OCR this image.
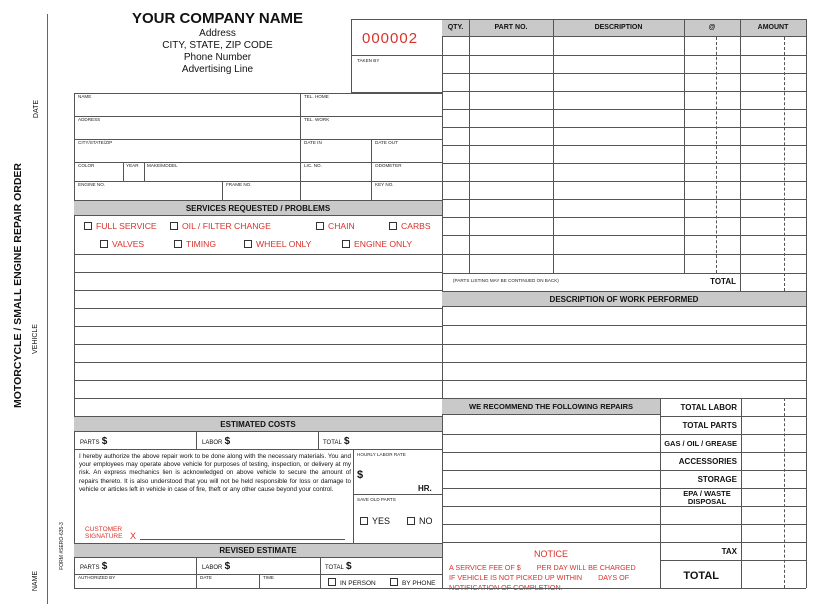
MOTORCYCLE / SMALL ENGINE REPAIR ORDER
DATE
VEHICLE
NAME
FORM #SERO-635-3
YOUR COMPANY NAME
Address
CITY, STATE, ZIP CODE
Phone Number
Advertising Line
000002
TAKEN BY
NAME	TEL. HOME
ADDRESS	TEL. WORK
CITY/STATE/ZIP	DATE IN	DATE OUT
COLOR	YEAR MAKE/MODEL	LIC. NO.	ODOMETER
ENGINE NO.	FRAME NO.	KEY NO.
SERVICES REQUESTED / PROBLEMS
FULL SERVICE	OIL / FILTER CHANGE	CHAIN	CARBS
VALVES	TIMING	WHEEL ONLY	ENGINE ONLY
ESTIMATED COSTS
PARTS $	LABOR $	TOTAL $
I hereby authorize the above repair work to be done along with the necessary materials. You and your employees may operate above vehicle for purposes of testing, inspection, or delivery at my risk. An express mechanics lien is acknowledged on above vehicle to secure the amount of repairs thereto. It is also understood that you will not be held responsible for loss or damage to vehicle or articles left in vehicle in case of fire, theft or any other cause beyond your control.
HOURLY LABOR RATE
$
HR.
SAVE OLD PARTS
YES	NO
CUSTOMER SIGNATURE X
REVISED ESTIMATE
PARTS $	LABOR $	TOTAL $
AUTHORIZED BY	DATE	TIME
IN PERSON	BY PHONE
QTY.	PART NO.	DESCRIPTION	@	AMOUNT
(PARTS LISTING MAY BE CONTINUED ON BACK)	TOTAL
DESCRIPTION OF WORK PERFORMED
WE RECOMMEND THE FOLLOWING REPAIRS	TOTAL LABOR
TOTAL PARTS
GAS / OIL / GREASE
ACCESSORIES
STORAGE
EPA / WASTE DISPOSAL
TAX
TOTAL
NOTICE
A SERVICE FEE OF $        PER DAY WILL BE CHARGED
IF VEHICLE IS NOT PICKED UP WITHIN        DAYS OF
